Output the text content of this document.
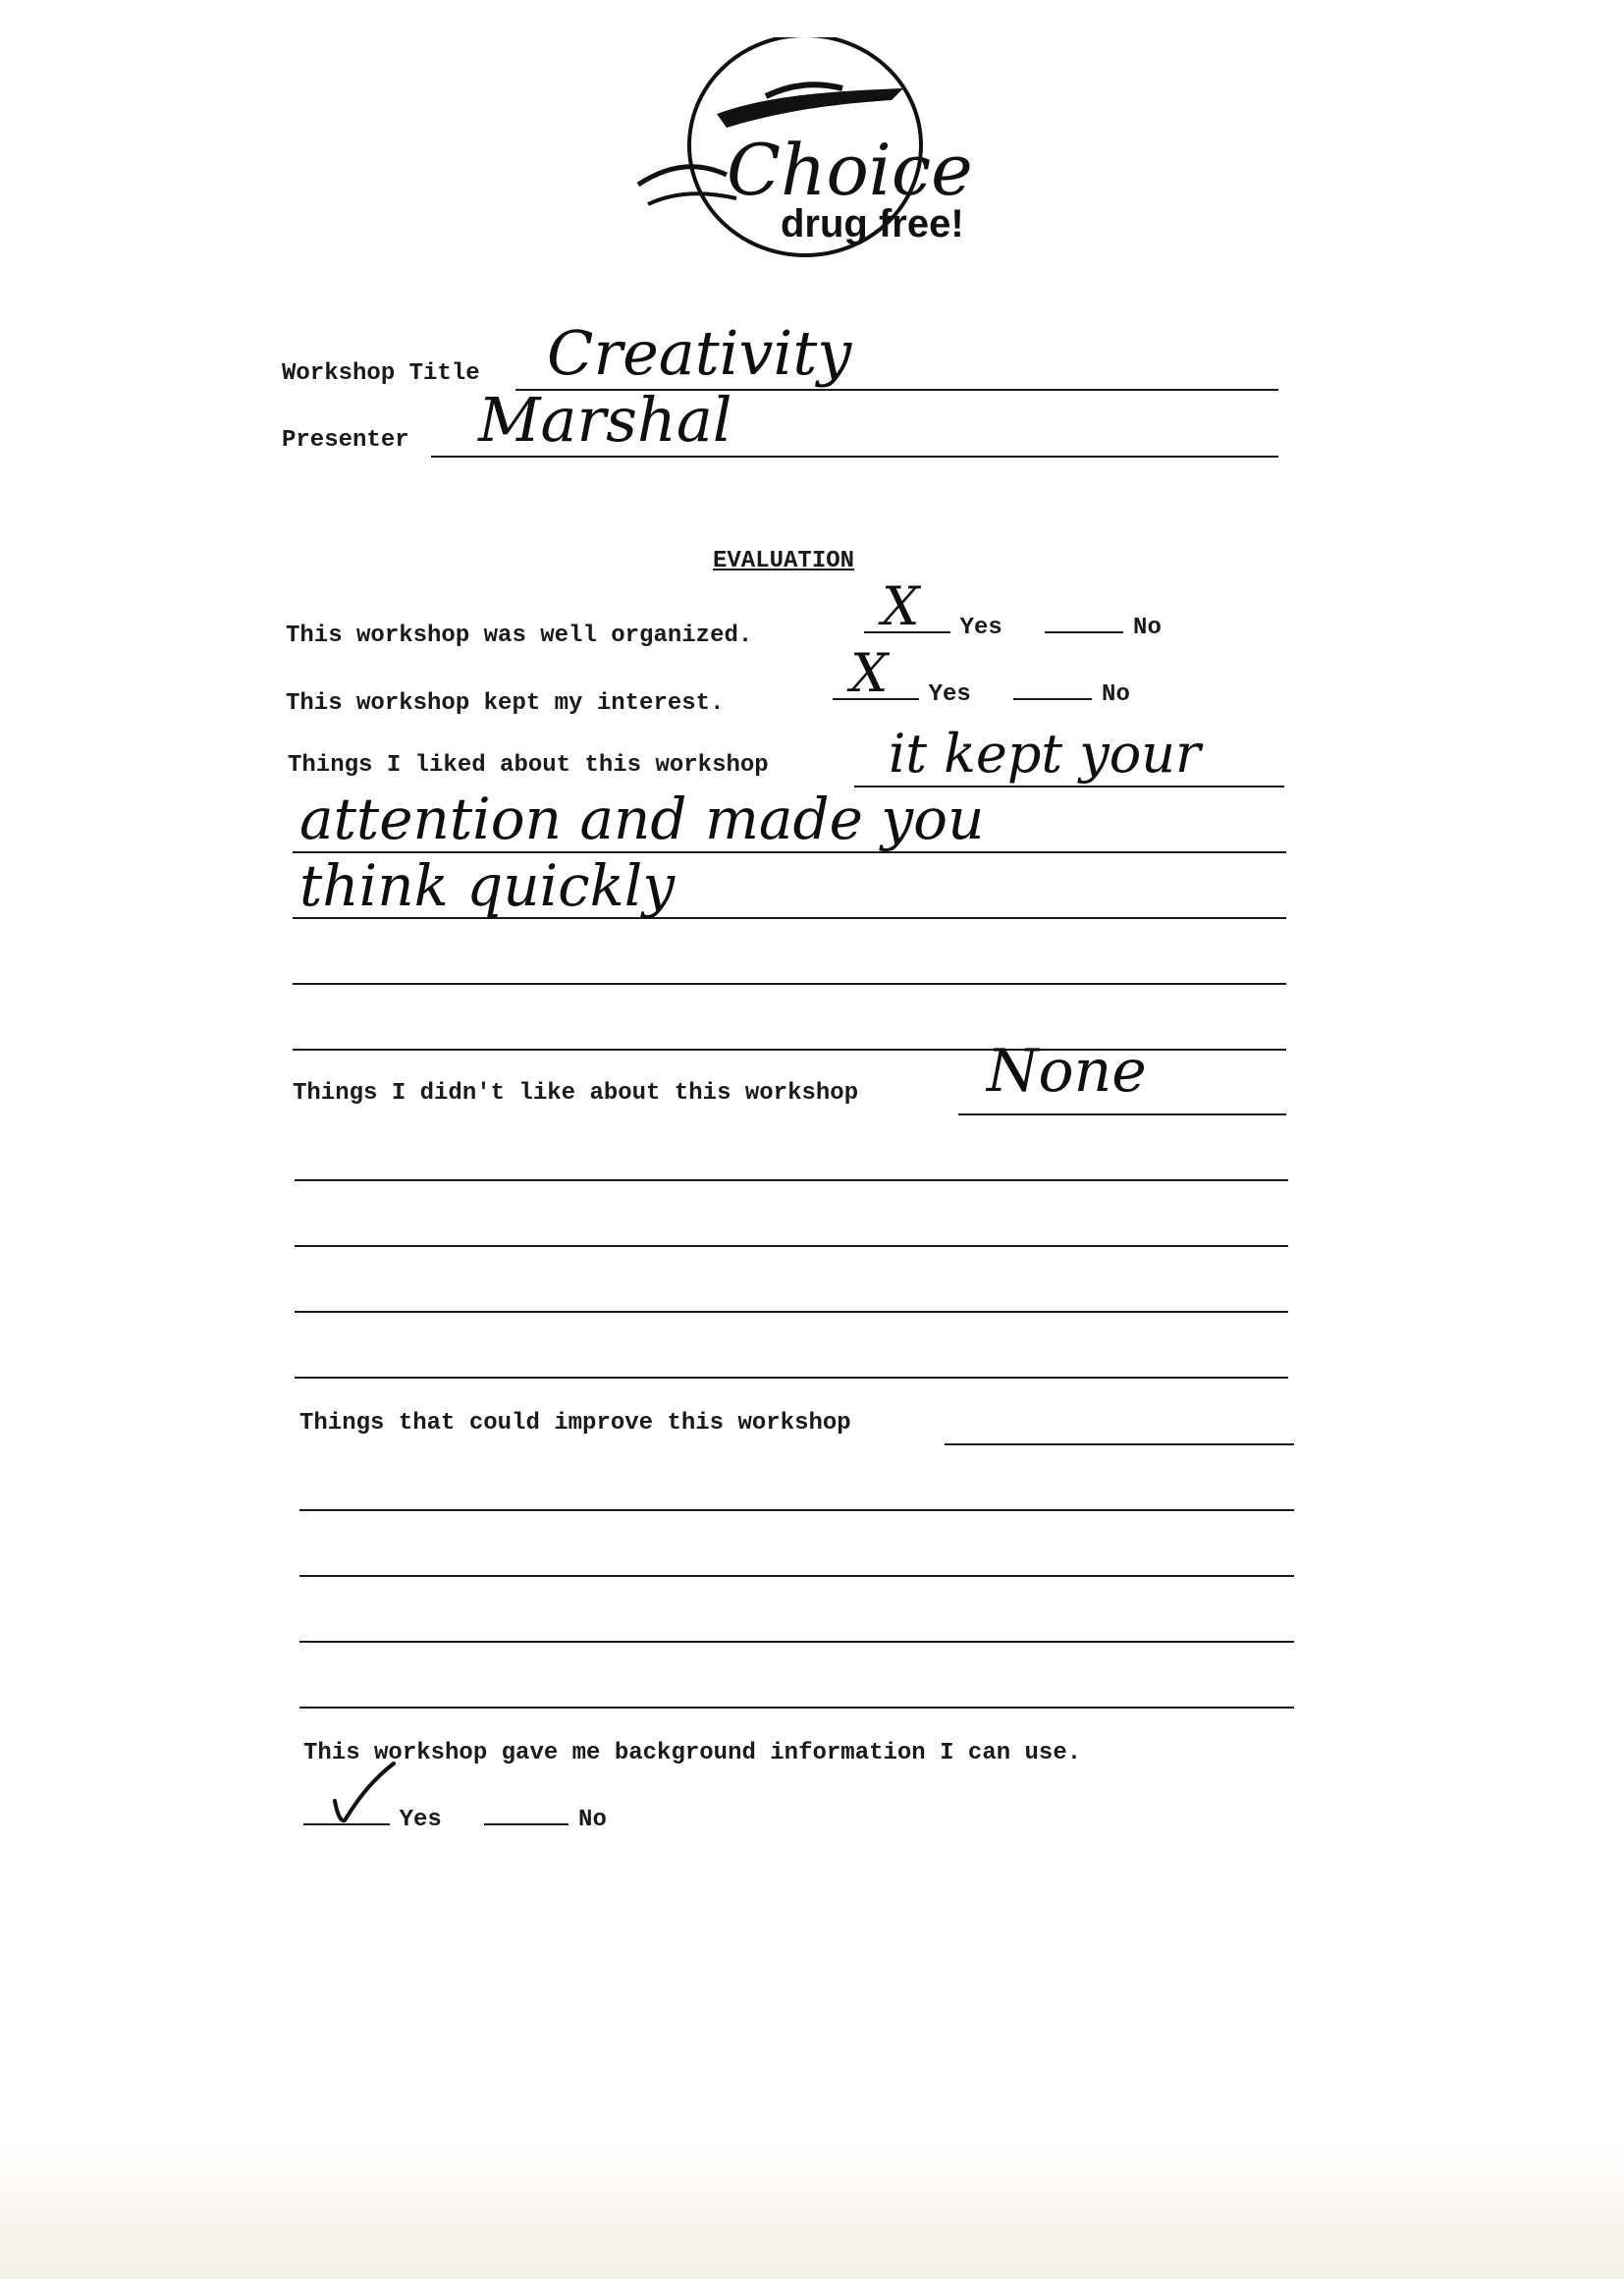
Choice

drug free!

Workshop Title Creativity

Presenter Marshal

EVALUATION

This workshop was well organized. X Yes	No

This workshop kept my interest. X Yes	No

Things I liked about this workshop it kept your

attention and made you

think quickly

Things I didn't like about this workshop None

Things that could improve this workshop

This workshop gave me background information I can use.

Yes	No
